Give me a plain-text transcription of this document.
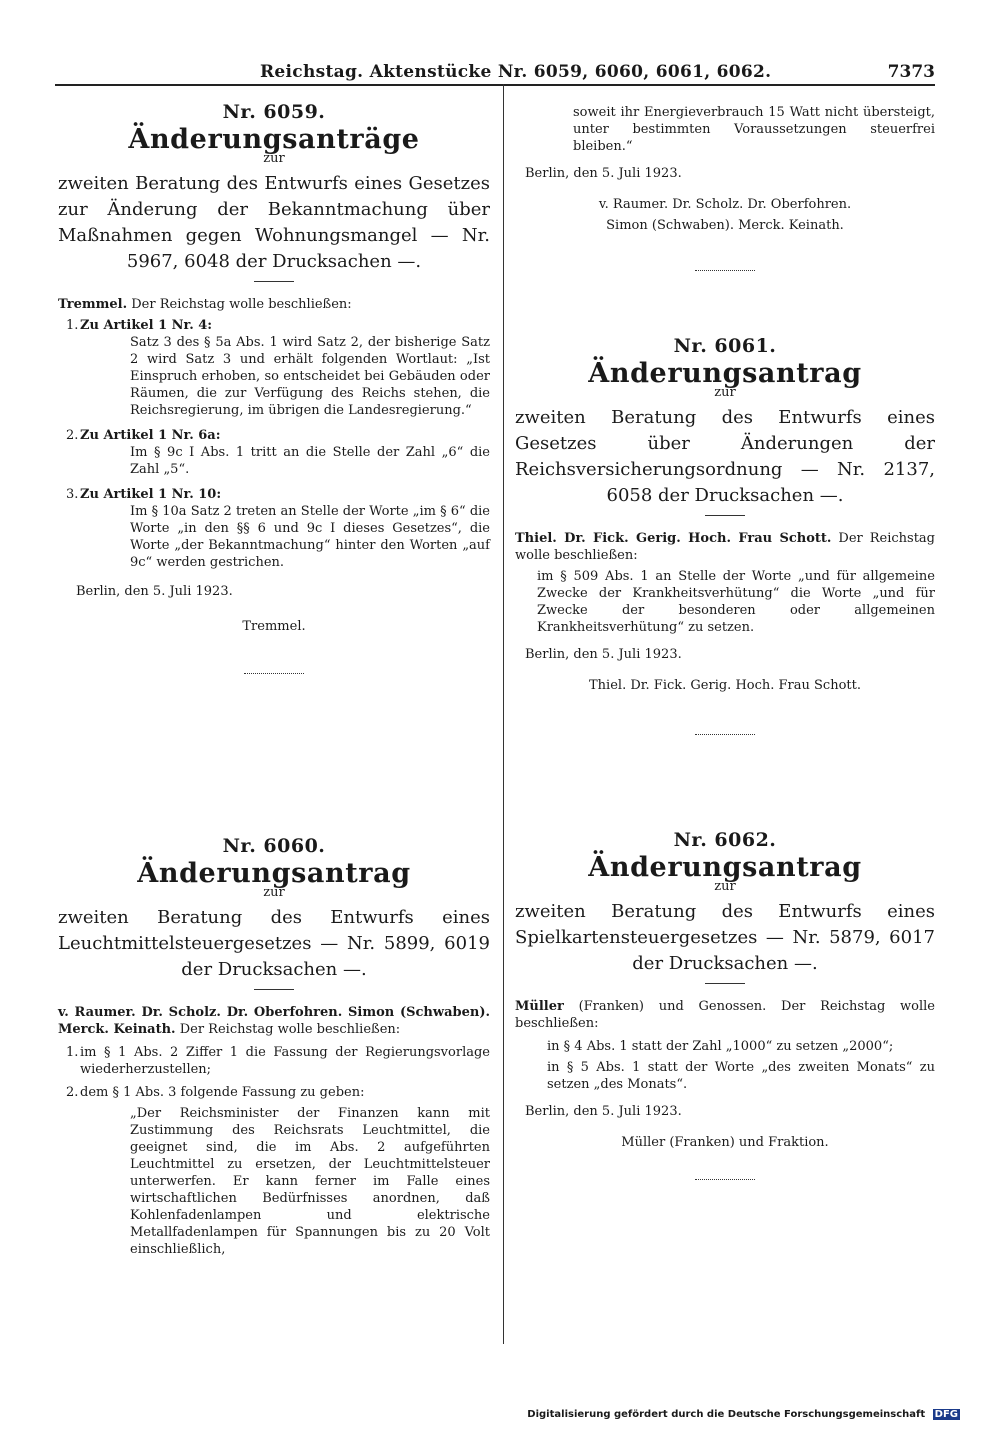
Reichstag. Aktenstücke Nr. 6059, 6060, 6061, 6062.	7373

Nr. 6059.

Änderungsanträge

zur

zweiten Beratung des Entwurfs eines Gesetzes zur Änderung der Bekanntmachung über Maßnahmen gegen Wohnungsmangel — Nr. 5967, 6048 der Drucksachen —.

Tremmel. Der Reichstag wolle beschließen:

1. Zu Artikel 1 Nr. 4:

Satz 3 des § 5a Abs. 1 wird Satz 2, der bisherige Satz 2 wird Satz 3 und erhält folgenden Wortlaut: „Ist Einspruch erhoben, so entscheidet bei Gebäuden oder Räumen, die zur Verfügung des Reichs stehen, die Reichsregierung, im übrigen die Landesregierung.“

2. Zu Artikel 1 Nr. 6a:

Im § 9c I Abs. 1 tritt an die Stelle der Zahl „6“ die Zahl „5“.

3. Zu Artikel 1 Nr. 10:

Im § 10a Satz 2 treten an Stelle der Worte „im § 6“ die Worte „in den §§ 6 und 9c I dieses Gesetzes“, die Worte „der Bekanntmachung“ hinter den Worten „auf 9c“ werden gestrichen.

Berlin, den 5. Juli 1923.

Tremmel.

Nr. 6060.

Änderungsantrag

zur

zweiten Beratung des Entwurfs eines Leuchtmittelsteuergesetzes — Nr. 5899, 6019 der Drucksachen —.

v. Raumer. Dr. Scholz. Dr. Oberfohren. Simon (Schwaben). Merck. Keinath. Der Reichstag wolle beschließen:

1. im § 1 Abs. 2 Ziffer 1 die Fassung der Regierungsvorlage wiederherzustellen;
2. dem § 1 Abs. 3 folgende Fassung zu geben:

„Der Reichsminister der Finanzen kann mit Zustimmung des Reichsrats Leuchtmittel, die geeignet sind, die im Abs. 2 aufgeführten Leuchtmittel zu ersetzen, der Leuchtmittelsteuer unterwerfen. Er kann ferner im Falle eines wirtschaftlichen Bedürfnisses anordnen, daß Kohlenfadenlampen und elektrische Metallfadenlampen für Spannungen bis zu 20 Volt einschließlich,

soweit ihr Energieverbrauch 15 Watt nicht übersteigt, unter bestimmten Voraussetzungen steuerfrei bleiben.“

Berlin, den 5. Juli 1923.

v. Raumer. Dr. Scholz. Dr. Oberfohren.

Simon (Schwaben). Merck. Keinath.

Nr. 6061.

Änderungsantrag

zur

zweiten Beratung des Entwurfs eines Gesetzes über Änderungen der Reichsversicherungsordnung — Nr. 2137, 6058 der Drucksachen —.

Thiel. Dr. Fick. Gerig. Hoch. Frau Schott. Der Reichstag wolle beschließen:

im § 509 Abs. 1 an Stelle der Worte „und für allgemeine Zwecke der Krankheitsverhütung“ die Worte „und für Zwecke der besonderen oder allgemeinen Krankheitsverhütung“ zu setzen.

Berlin, den 5. Juli 1923.

Thiel. Dr. Fick. Gerig. Hoch. Frau Schott.

Nr. 6062.

Änderungsantrag

zur

zweiten Beratung des Entwurfs eines Spielkartensteuergesetzes — Nr. 5879, 6017 der Drucksachen —.

Müller (Franken) und Genossen. Der Reichstag wolle beschließen:

in § 4 Abs. 1 statt der Zahl „1000“ zu setzen „2000“;

in § 5 Abs. 1 statt der Worte „des zweiten Monats“ zu setzen „des Monats“.

Berlin, den 5. Juli 1923.

Müller (Franken) und Fraktion.

Digitalisierung gefördert durch die Deutsche Forschungsgemeinschaft DFG
